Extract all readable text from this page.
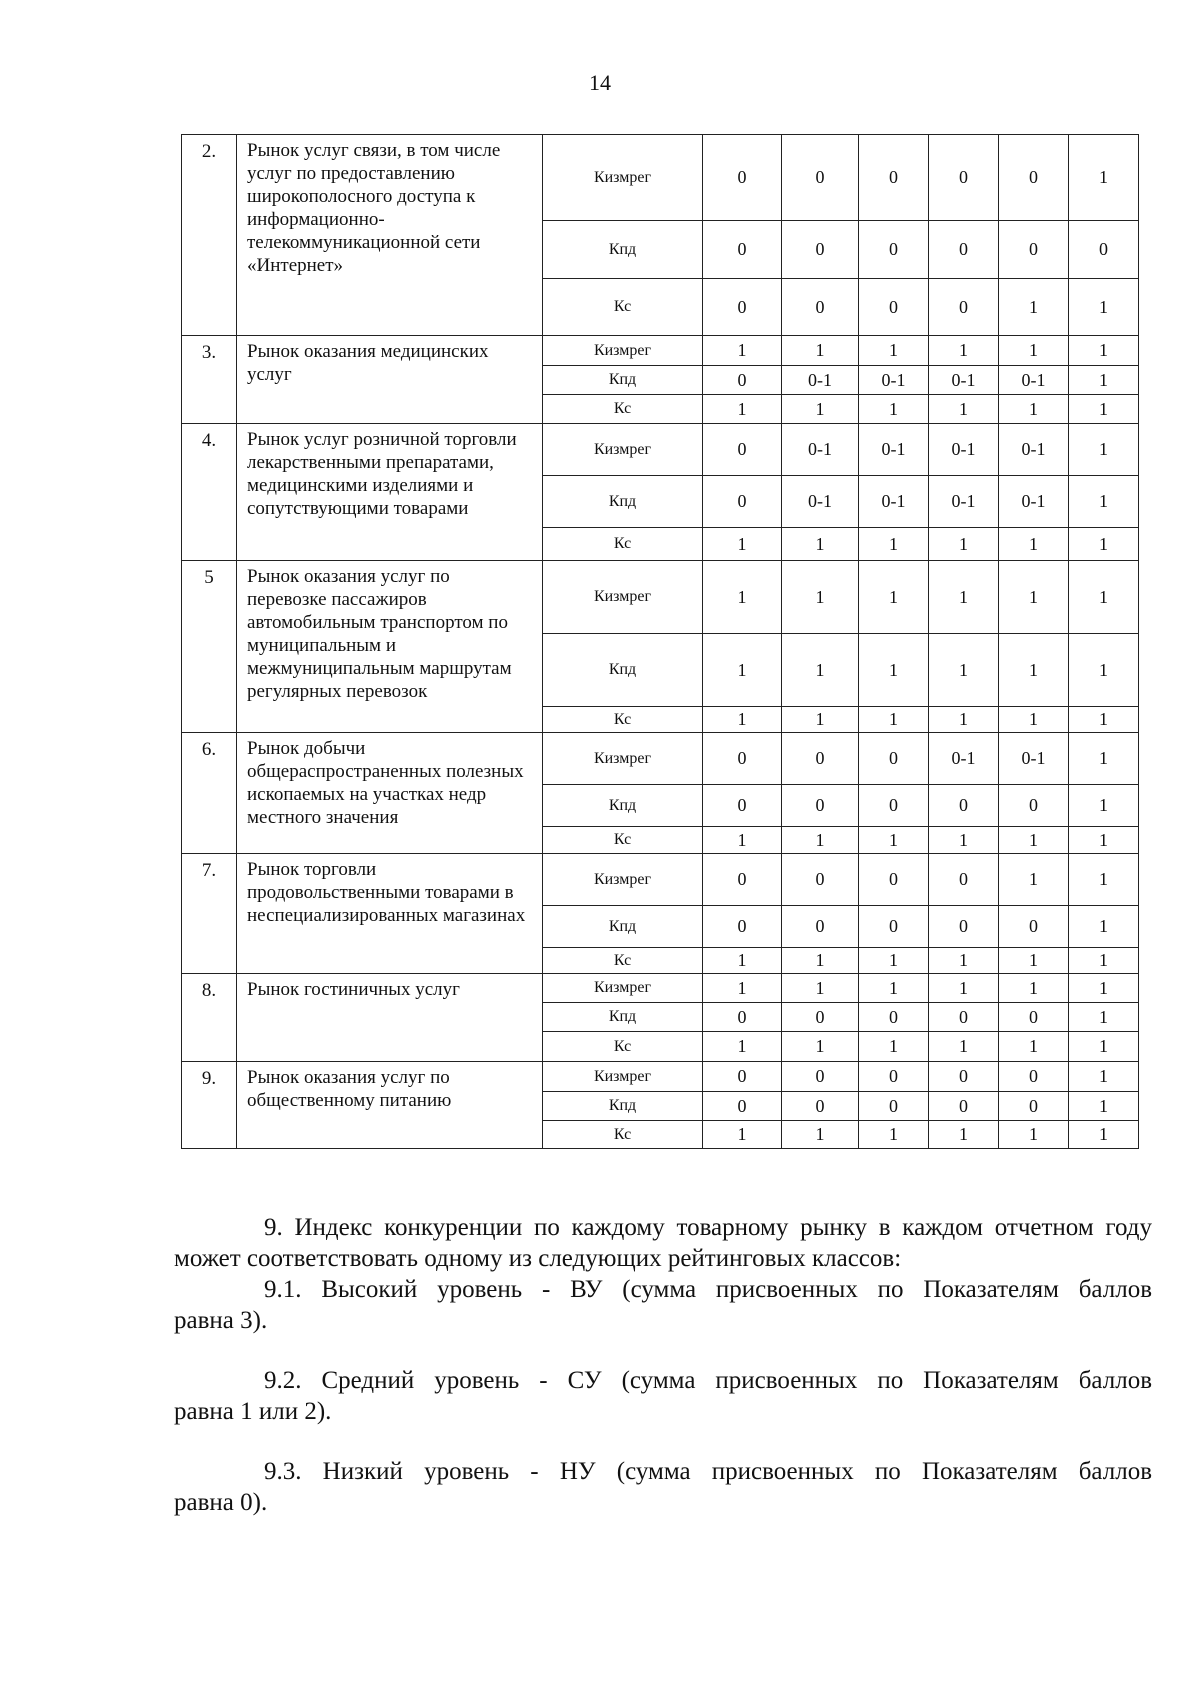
14
2.	Рынок услуг связи, в том числе услуг по предоставлению широкополосного доступа к информационно-телекоммуникационной сети «Интернет»	Кизмрег	0	0	0	0	0	1
		Кпд	0	0	0	0	0	0
		Кс	0	0	0	0	1	1
3.	Рынок оказания медицинских услуг	Кизмрег	1	1	1	1	1	1
		Кпд	0	0-1	0-1	0-1	0-1	1
		Кс	1	1	1	1	1	1
4.	Рынок услуг розничной торговли лекарственными препаратами, медицинскими изделиями и сопутствующими товарами	Кизмрег	0	0-1	0-1	0-1	0-1	1
		Кпд	0	0-1	0-1	0-1	0-1	1
		Кс	1	1	1	1	1	1
5	Рынок оказания услуг по перевозке пассажиров автомобильным транспортом по муниципальным и межмуниципальным маршрутам регулярных перевозок	Кизмрег	1	1	1	1	1	1
		Кпд	1	1	1	1	1	1
		Кс	1	1	1	1	1	1
6.	Рынок добычи общераспространенных полезных ископаемых на участках недр местного значения	Кизмрег	0	0	0	0-1	0-1	1
		Кпд	0	0	0	0	0	1
		Кс	1	1	1	1	1	1
7.	Рынок торговли продовольственными товарами в неспециализированных магазинах	Кизмрег	0	0	0	0	1	1
		Кпд	0	0	0	0	0	1
		Кс	1	1	1	1	1	1
8.	Рынок гостиничных услуг	Кизмрег	1	1	1	1	1	1
		Кпд	0	0	0	0	0	1
		Кс	1	1	1	1	1	1
9.	Рынок оказания услуг по общественному питанию	Кизмрег	0	0	0	0	0	1
		Кпд	0	0	0	0	0	1
		Кс	1	1	1	1	1	1

9. Индекс конкуренции по каждому товарному рынку в каждом отчетном году

может соответствовать одному из следующих рейтинговых классов:

9.1. Высокий уровень - ВУ (сумма присвоенных по Показателям баллов

равна 3).

9.2. Средний уровень - СУ (сумма присвоенных по Показателям баллов

равна 1 или 2).

9.3. Низкий уровень - НУ (сумма присвоенных по Показателям баллов

равна 0).
